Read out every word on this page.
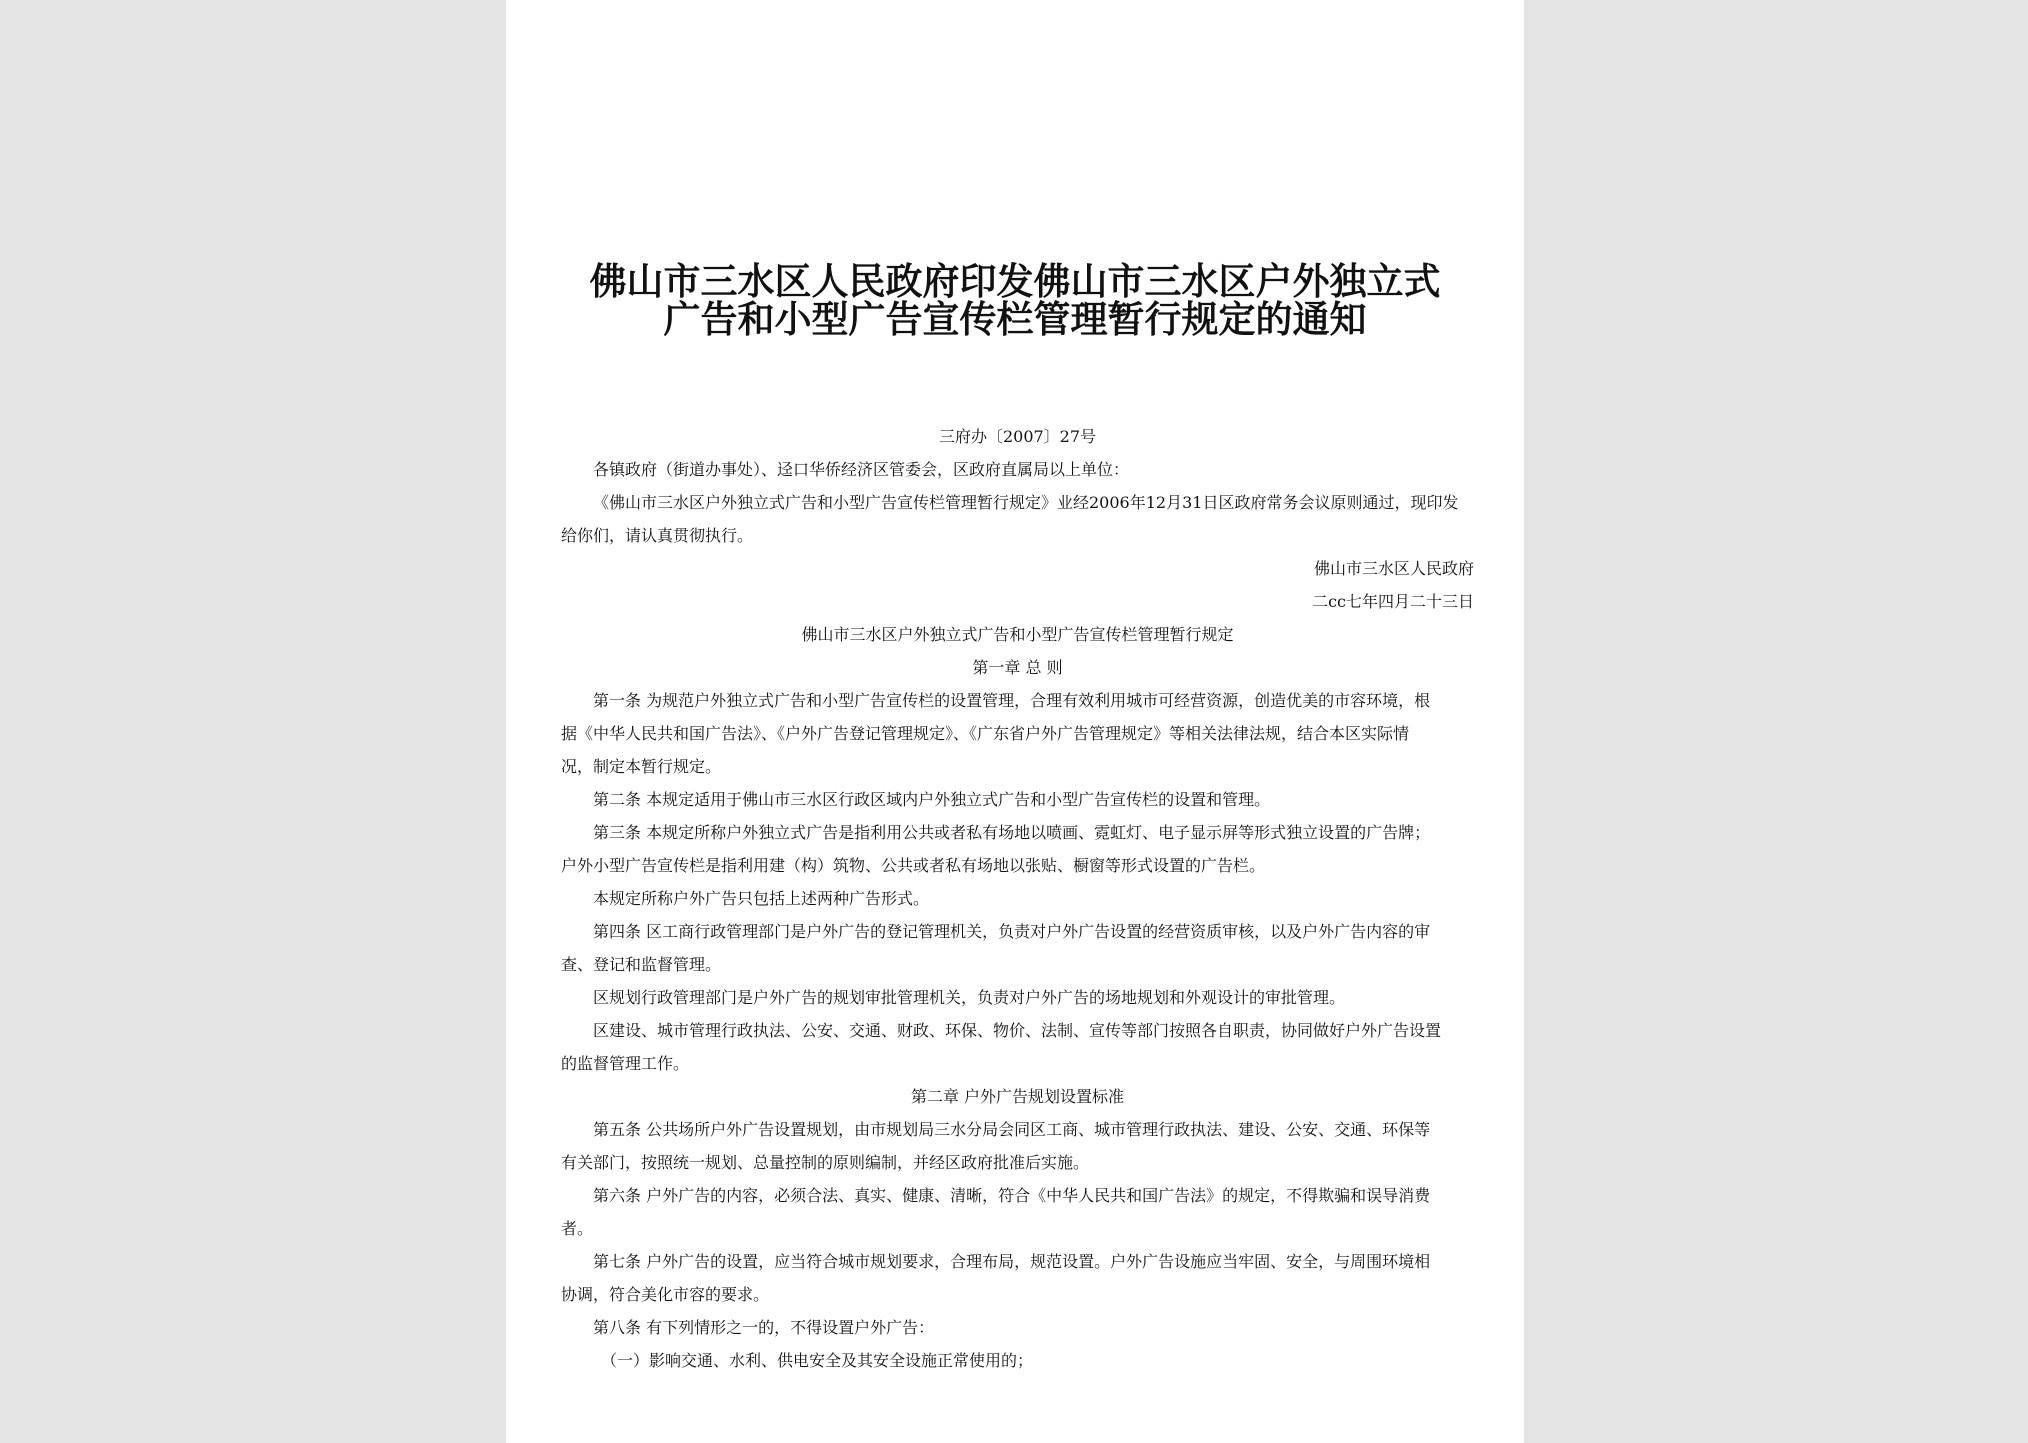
佛山市三水区人民政府印发佛山市三水区户外独立式
广告和小型广告宣传栏管理暂行规定的通知
三府办〔2007〕27号
各镇政府（街道办事处）、迳口华侨经济区管委会，区政府直属局以上单位：
《佛山市三水区户外独立式广告和小型广告宣传栏管理暂行规定》业经2006年12月31日区政府常务会议原则通过，现印发
给你们，请认真贯彻执行。
佛山市三水区人民政府
二cc七年四月二十三日
佛山市三水区户外独立式广告和小型广告宣传栏管理暂行规定
第一章 总 则
第一条 为规范户外独立式广告和小型广告宣传栏的设置管理，合理有效利用城市可经营资源，创造优美的市容环境，根
据《中华人民共和国广告法》、《户外广告登记管理规定》、《广东省户外广告管理规定》等相关法律法规，结合本区实际情
况，制定本暂行规定。
第二条 本规定适用于佛山市三水区行政区域内户外独立式广告和小型广告宣传栏的设置和管理。
第三条 本规定所称户外独立式广告是指利用公共或者私有场地以喷画、霓虹灯、电子显示屏等形式独立设置的广告牌；
户外小型广告宣传栏是指利用建（构）筑物、公共或者私有场地以张贴、橱窗等形式设置的广告栏。
本规定所称户外广告只包括上述两种广告形式。
第四条 区工商行政管理部门是户外广告的登记管理机关，负责对户外广告设置的经营资质审核，以及户外广告内容的审
查、登记和监督管理。
区规划行政管理部门是户外广告的规划审批管理机关，负责对户外广告的场地规划和外观设计的审批管理。
区建设、城市管理行政执法、公安、交通、财政、环保、物价、法制、宣传等部门按照各自职责，协同做好户外广告设置
的监督管理工作。
第二章 户外广告规划设置标准
第五条 公共场所户外广告设置规划，由市规划局三水分局会同区工商、城市管理行政执法、建设、公安、交通、环保等
有关部门，按照统一规划、总量控制的原则编制，并经区政府批准后实施。
第六条 户外广告的内容，必须合法、真实、健康、清晰，符合《中华人民共和国广告法》的规定，不得欺骗和误导消费
者。
第七条 户外广告的设置，应当符合城市规划要求，合理布局，规范设置。户外广告设施应当牢固、安全，与周围环境相
协调，符合美化市容的要求。
第八条 有下列情形之一的，不得设置户外广告：
（一）影响交通、水利、供电安全及其安全设施正常使用的；
